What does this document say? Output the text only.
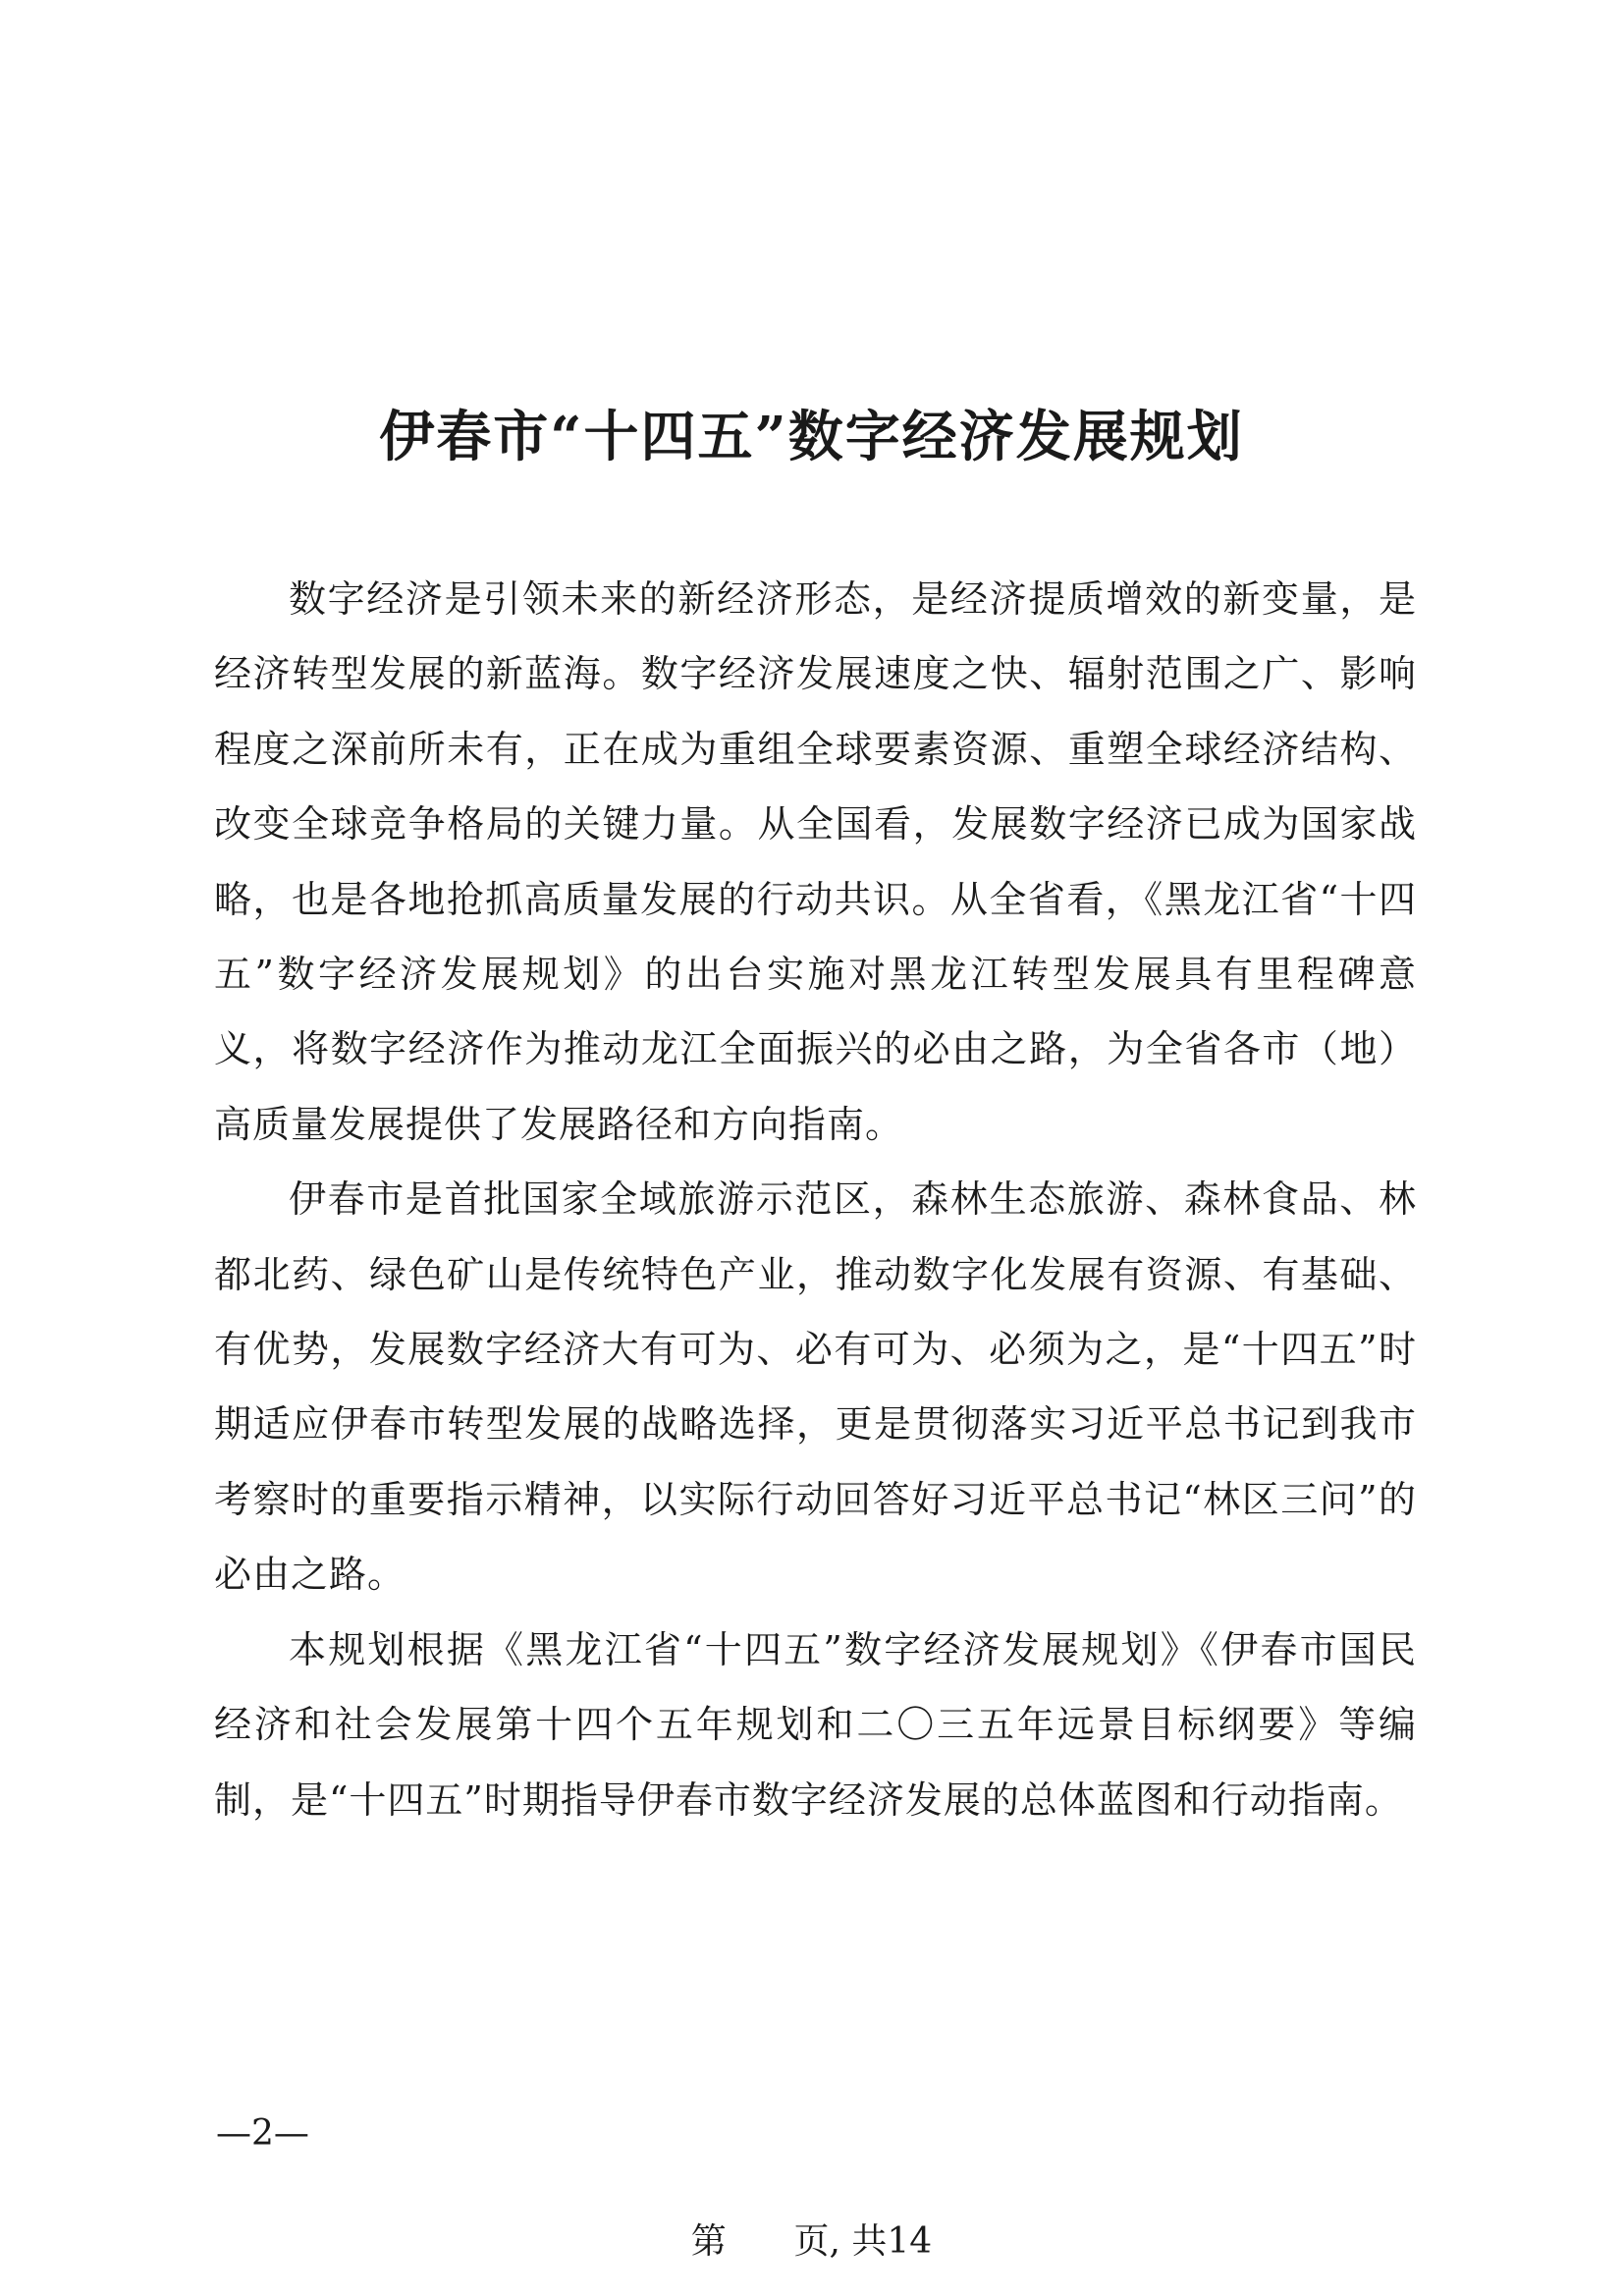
伊春市“十四五”数字经济发展规划

数字经济是引领未来的新经济形态，是经济提质增效的新变量，是经济转型发展的新蓝海。数字经济发展速度之快、辐射范围之广、影响程度之深前所未有，正在成为重组全球要素资源、重塑全球经济结构、改变全球竞争格局的关键力量。从全国看，发展数字经济已成为国家战略，也是各地抢抓高质量发展的行动共识。从全省看，《黑龙江省“十四五”数字经济发展规划》的出台实施对黑龙江转型发展具有里程碑意义，将数字经济作为推动龙江全面振兴的必由之路，为全省各市（地）高质量发展提供了发展路径和方向指南。

伊春市是首批国家全域旅游示范区，森林生态旅游、森林食品、林都北药、绿色矿山是传统特色产业，推动数字化发展有资源、有基础、有优势，发展数字经济大有可为、必有可为、必须为之，是“十四五”时期适应伊春市转型发展的战略选择，更是贯彻落实习近平总书记到我市考察时的重要指示精神，以实际行动回答好习近平总书记“林区三问”的必由之路。

本规划根据《黑龙江省“十四五”数字经济发展规划》《伊春市国民经济和社会发展第十四个五年规划和二〇三五年远景目标纲要》等编制，是“十四五”时期指导伊春市数字经济发展的总体蓝图和行动指南。

—2—
第 页, 共14
